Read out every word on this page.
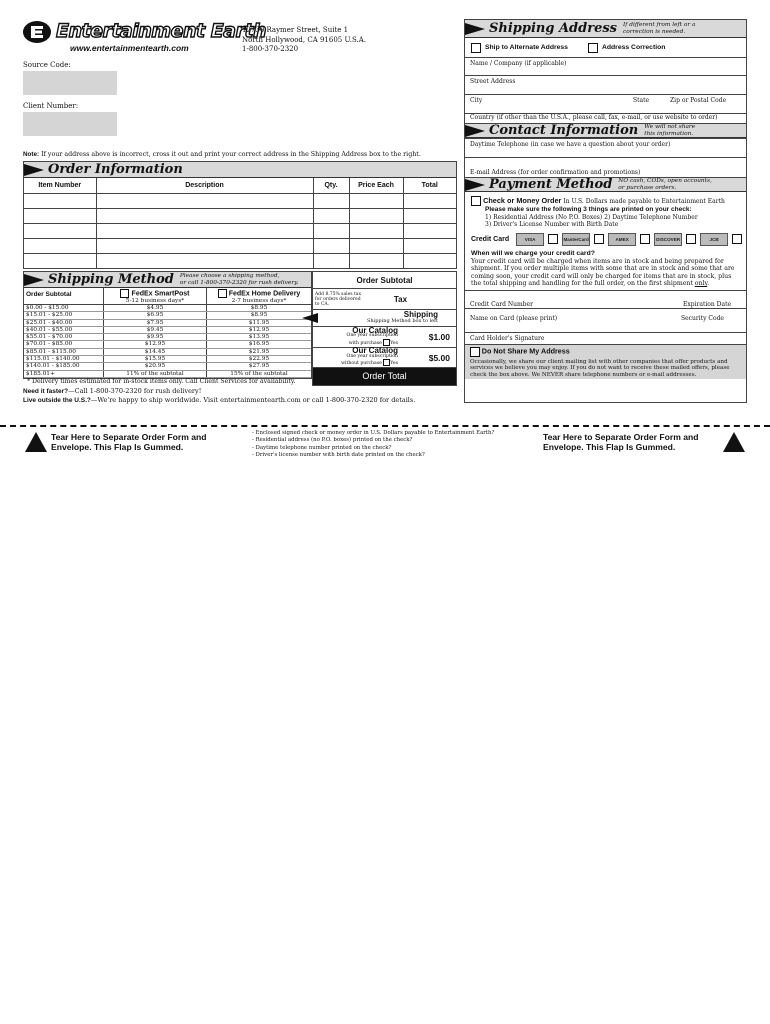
Entertainment Earth
www.entertainmentearth.com
12730 Raymer Street, Suite 1
North Hollywood, CA 91605 U.S.A.
1-800-370-2320
Source Code:
Client Number:
Note: If your address above is incorrect, cross it out and print your correct address in the Shipping Address box to the right.
Order Information
Item Number	Description	Qty.	Price Each	Total

Shipping Method Please choose a shipping method,
or call 1-800-370-2320 for rush delivery.
Order Subtotal	FedEx SmartPost
5-12 business days*
FedEx Home Delivery
2-7 business days*
$0.00 - $15.00	$4.95	$8.95
$15.01 - $25.00	$6.95	$8.95
$25.01 - $40.00	$7.95	$11.95
$40.01 - $55.00	$9.45	$12.95
$55.01 - $70.00	$9.95	$13.95
$70.01 - $85.00	$12.95	$16.95
$85.01 - $115.00	$14.45	$21.95
$115.01 - $140.00	$15.95	$22.95
$140.01 - $185.00	$20.95	$27.95
$185.01+	11% of the subtotal	15% of the subtotal
* Delivery times estimated for in-stock items only. Call Client Services for availability.
Order Subtotal
Add 8.75% sales tax for orders delivered to CA.
Tax
Shipping
Shipping Method box to left
Our Catalog
One year subscription
with purchase Yes
$1.00
Our Catalog
One year subscription
without purchase Yes
$5.00
Order Total
Need it faster?—Call 1-800-370-2320 for rush delivery!
Live outside the U.S.?—We're happy to ship worldwide. Visit entertainmentearth.com or call 1-800-370-2320 for details.
Shipping Address If different from left or a
correction is needed.
Ship to Alternate Address	Address Correction
Name / Company (if applicable)
Street Address
City	State	Zip or Postal Code
Country (if other than the U.S.A., please call, fax, e-mail, or use website to order)
Contact Information We will not share
this information.
Daytime Telephone (in case we have a question about your order)
E-mail Address (for order confirmation and promotions)
Payment Method NO cash, CODs, open accounts,
or purchase orders.
Check or Money Order In U.S. Dollars made payable to Entertainment Earth
Please make sure the following 3 things are printed on your check:
1) Residential Address (No P.O. Boxes) 2) Daytime Telephone Number
3) Driver's License Number with Birth Date
Credit Card	VISA	MasterCard	AMEX	DISCOVER	JCB
When will we charge your credit card?
Your credit card will be charged when items are in stock and being prepared for shipment. If you order multiple items with some that are in stock and some that are coming soon, your credit card will only be charged for items that are in stock, plus the total shipping and handling for the full order, on the first shipment only.
Credit Card Number	Expiration Date
Name on Card (please print)	Security Code
Card Holder's Signature
Do Not Share My Address
Occasionally, we share our client mailing list with other companies that offer products and services we believe you may enjoy. If you do not want to receive these mailed offers, please check the box above. We NEVER share telephone numbers or e-mail addresses.
Tear Here to Separate Order Form and Envelope. This Flap Is Gummed.
- Enclosed signed check or money order in U.S. Dollars payable to Entertainment Earth?
- Residential address (no P.O. boxes) printed on the check?
- Daytime telephone number printed on the check?
- Driver's license number with birth date printed on the check?
Tear Here to Separate Order Form and Envelope. This Flap Is Gummed.
